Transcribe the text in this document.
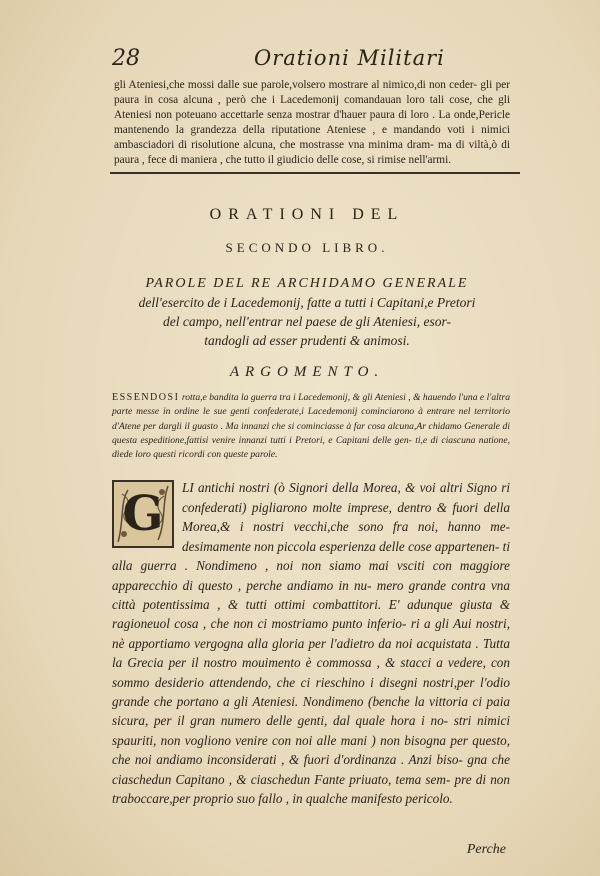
28	Orationi Militari
gli Ateniesi,che mossi dalle sue parole,volsero mostrare al nimico,di non ceder- gli per paura in cosa alcuna , però che i Lacedemonij comandauan loro tali cose, che gli Ateniesi non poteuano accettarle senza mostrar d'hauer paura di loro . La onde,Pericle mantenendo la grandezza della riputatione Ateniese , e mandando voti i nimici ambasciadori di risolutione alcuna, che mostrasse vna minima dram- ma di viltà,ò di paura , fece di maniera , che tutto il giudicio delle cose, si rimise nell'armi.
ORATIONI DEL
SECONDO LIBRO.
PAROLE DEL RE ARCHIDAMO GENERALE
dell'esercito de i Lacedemonij, fatte a tutti i Capitani,e Pretori
del campo, nell'entrar nel paese de gli Ateniesi, esor-
tandogli ad esser prudenti & animosi.
ARGOMENTO.
ESSENDOSI rotta,e bandita la guerra tra i Lacedemonij, & gli Ateniesi , & hauendo l'una e l'altra parte messe in ordine le sue genti confederate,i Lacedemonij cominciarono à entrare nel territorio d'Atene per dargli il guasto . Ma innanzi che si cominciasse à far cosa alcuna,Ar chidamo Generale di questa espeditione,fattisi venire innanzi tutti i Pretori, e Capitani delle gen- ti,e di ciascuna natione, diede loro questi ricordi con queste parole.
G	LI antichi nostri (ò Signori della Morea, & voi altri Signo ri confederati) pigliarono molte imprese, dentro & fuori della Morea,& i nostri vecchi,che sono fra noi, hanno me- desimamente non piccola esperienza delle cose appartenen- ti alla guerra . Nondimeno , noi non siamo mai vsciti con maggiore apparecchio di questo , perche andiamo in nu- mero grande contra vna città potentissima , & tutti ottimi combattitori. E' adunque giusta & ragioneuol cosa , che non ci mostriamo punto inferio- ri a gli Aui nostri, nè apportiamo vergogna alla gloria per l'adietro da noi acquistata . Tutta la Grecia per il nostro mouimento è commossa , & stacci a vedere, con sommo desiderio attendendo, che ci rieschino i disegni nostri,per l'odio grande che portano a gli Ateniesi. Nondimeno (benche la vittoria ci paia sicura, per il gran numero delle genti, dal quale hora i no- stri nimici spauriti, non vogliono venire con noi alle mani ) non bisogna per questo, che noi andiamo inconsiderati , & fuori d'ordinanza . Anzi biso- gna che ciaschedun Capitano , & ciaschedun Fante priuato, tema sem- pre di non traboccare,per proprio suo fallo , in qualche manifesto pericolo.
Perche
